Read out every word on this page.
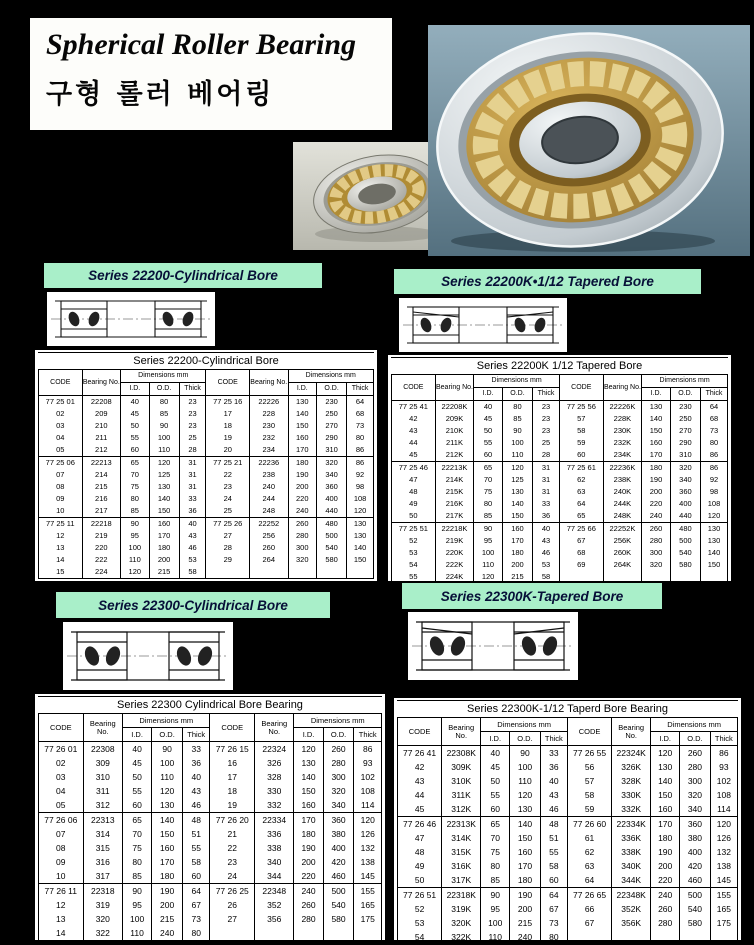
Spherical Roller Bearing
구형 롤러 베어링
Series 22200-Cylindrical Bore
Series 22200-Cylindrical Bore
CODE	Bearing No.	Dimensions mm			CODE	Bearing No.	Dimensions mm		
		I.D.	O.D.	Thick			I.D.	O.D.	Thick
77 25 01	22208	40	80	23	77 25 16	22226	130	230	64
02	209	45	85	23	17	228	140	250	68
03	210	50	90	23	18	230	150	270	73
04	211	55	100	25	19	232	160	290	80
05	212	60	110	28	20	234	170	310	86
77 25 06	22213	65	120	31	77 25 21	22236	180	320	86
07	214	70	125	31	22	238	190	340	92
08	215	75	130	31	23	240	200	360	98
09	216	80	140	33	24	244	220	400	108
10	217	85	150	36	25	248	240	440	120
77 25 11	22218	90	160	40	77 25 26	22252	260	480	130
12	219	95	170	43	27	256	280	500	130
13	220	100	180	46	28	260	300	540	140
14	222	110	200	53	29	264	320	580	150
15	224	120	215	58					
Series 22200K•1/12 Tapered Bore
Series 22200K 1/12 Tapered Bore
CODE	Bearing No.	Dimensions mm			CODE	Bearing No.	Dimensions mm		
		I.D.	O.D.	Thick			I.D.	O.D.	Thick
77 25 41	22208K	40	80	23	77 25 56	22226K	130	230	64
42	209K	45	85	23	57	228K	140	250	68
43	210K	50	90	23	58	230K	150	270	73
44	211K	55	100	25	59	232K	160	290	80
45	212K	60	110	28	60	234K	170	310	86
77 25 46	22213K	65	120	31	77 25 61	22236K	180	320	86
47	214K	70	125	31	62	238K	190	340	92
48	215K	75	130	31	63	240K	200	360	98
49	216K	80	140	33	64	244K	220	400	108
50	217K	85	150	36	65	248K	240	440	120
77 25 51	22218K	90	160	40	77 25 66	22252K	260	480	130
52	219K	95	170	43	67	256K	280	500	130
53	220K	100	180	46	68	260K	300	540	140
54	222K	110	200	53	69	264K	320	580	150
55	224K	120	215	58					
Series 22300-Cylindrical Bore
Series 22300 Cylindrical Bore Bearing
CODE	Bearing No.	Dimensions mm			CODE	Bearing No.	Dimensions mm		
		I.D.	O.D.	Thick			I.D.	O.D.	Thick
77 26 01	22308	40	90	33	77 26 15	22324	120	260	86
02	309	45	100	36	16	326	130	280	93
03	310	50	110	40	17	328	140	300	102
04	311	55	120	43	18	330	150	320	108
05	312	60	130	46	19	332	160	340	114
77 26 06	22313	65	140	48	77 26 20	22334	170	360	120
07	314	70	150	51	21	336	180	380	126
08	315	75	160	55	22	338	190	400	132
09	316	80	170	58	23	340	200	420	138
10	317	85	180	60	24	344	220	460	145
77 26 11	22318	90	190	64	77 26 25	22348	240	500	155
12	319	95	200	67	26	352	260	540	165
13	320	100	215	73	27	356	280	580	175
14	322	110	240	80					
Series 22300K-Tapered Bore
Series 22300K-1/12 Taperd Bore Bearing
CODE	Bearing No.	Dimensions mm			CODE	Bearing No.	Dimensions mm		
		I.D.	O.D.	Thick			I.D.	O.D.	Thick
77 26 41	22308K	40	90	33	77 26 55	22324K	120	260	86
42	309K	45	100	36	56	326K	130	280	93
43	310K	50	110	40	57	328K	140	300	102
44	311K	55	120	43	58	330K	150	320	108
45	312K	60	130	46	59	332K	160	340	114
77 26 46	22313K	65	140	48	77 26 60	22334K	170	360	120
47	314K	70	150	51	61	336K	180	380	126
48	315K	75	160	55	62	338K	190	400	132
49	316K	80	170	58	63	340K	200	420	138
50	317K	85	180	60	64	344K	220	460	145
77 26 51	22318K	90	190	64	77 26 65	22348K	240	500	155
52	319K	95	200	67	66	352K	260	540	165
53	320K	100	215	73	67	356K	280	580	175
54	322K	110	240	80					
